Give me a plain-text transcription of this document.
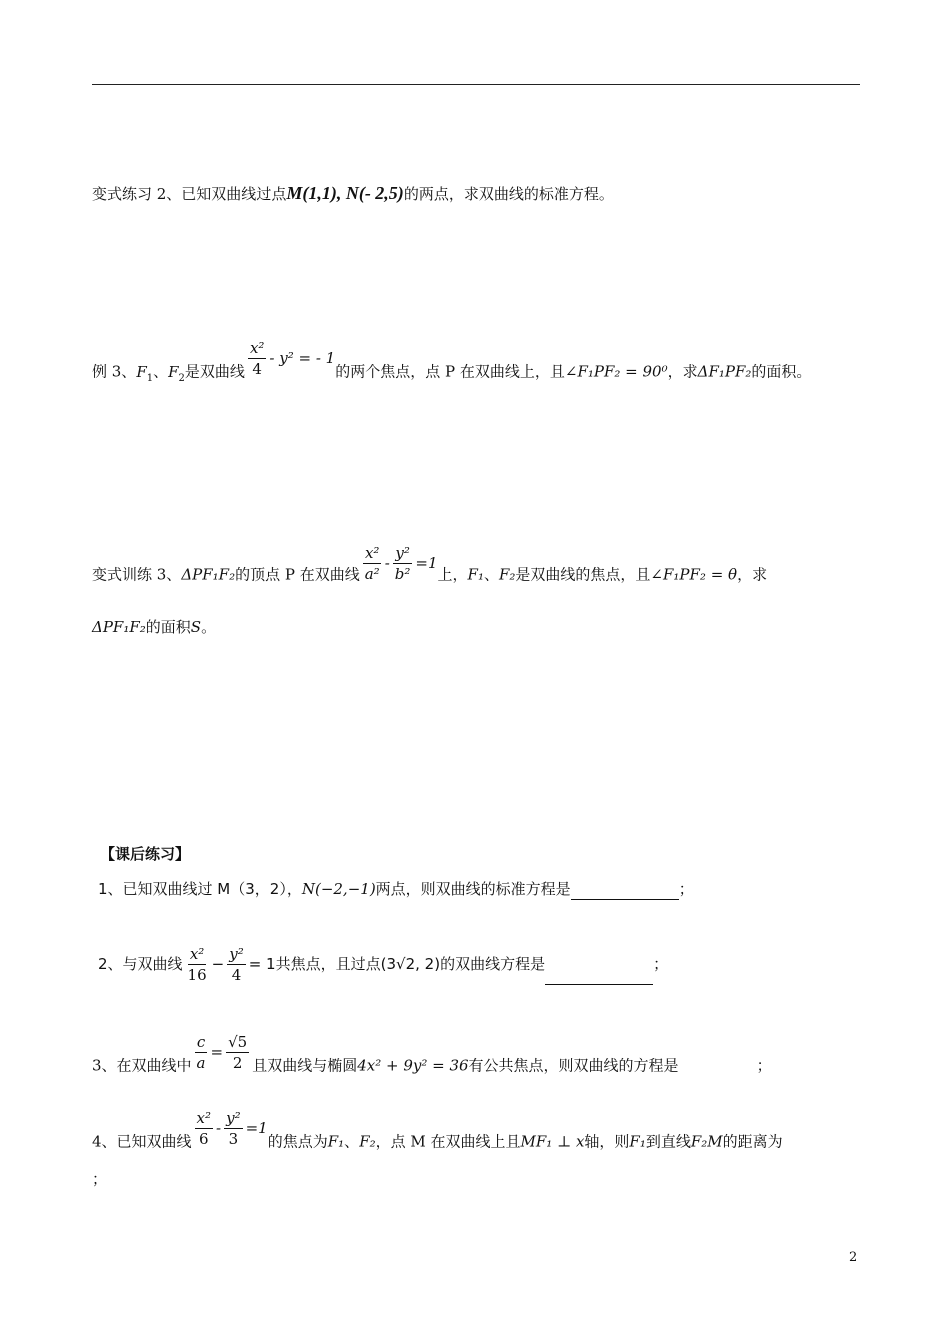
变式练习 2、已知双曲线过点M(1,1), N(- 2,5)的两点，求双曲线的标准方程。
例 3、$F_1$、$F_2$是双曲线 $\frac{\text{x²}}{4} - y^2$ = - 1的两个焦点，点 P 在双曲线上，且∠F₁PF₂ = 90⁰，求ΔF₁PF₂的面积。
变式训练 3、ΔPF₁F₂的顶点 P 在双曲线 $\frac{\text{x²}}{\text{a²}} - \frac{\text{y²}}{\text{b²}} =1$上，F₁、F₂是双曲线的焦点，且∠F₁PF₂ = θ，求
ΔPF₁F₂的面积S。
【课后练习】
1、已知双曲线过 M（3，2），N(−2,−1)两点，则双曲线的标准方程是	；
2、与双曲线 $\frac{\text{x²}}{16} - \frac{\text{y²}}{4} = 1$共焦点，且过点(3√2, 2)的双曲线方程是	；
3、在双曲线中 $\frac{c}{a} = \frac{√5}{2}$ 且双曲线与椭圆4x² + 9y² = 36有公共焦点，则双曲线的方程是	；
4、已知双曲线 $\frac{\text{x²}}{6} - \frac{\text{y²}}{3} =1$的焦点为F₁、F₂，点 M 在双曲线上且MF₁ ⊥ x轴，则F₁到直线F₂M的距离为
；
2
